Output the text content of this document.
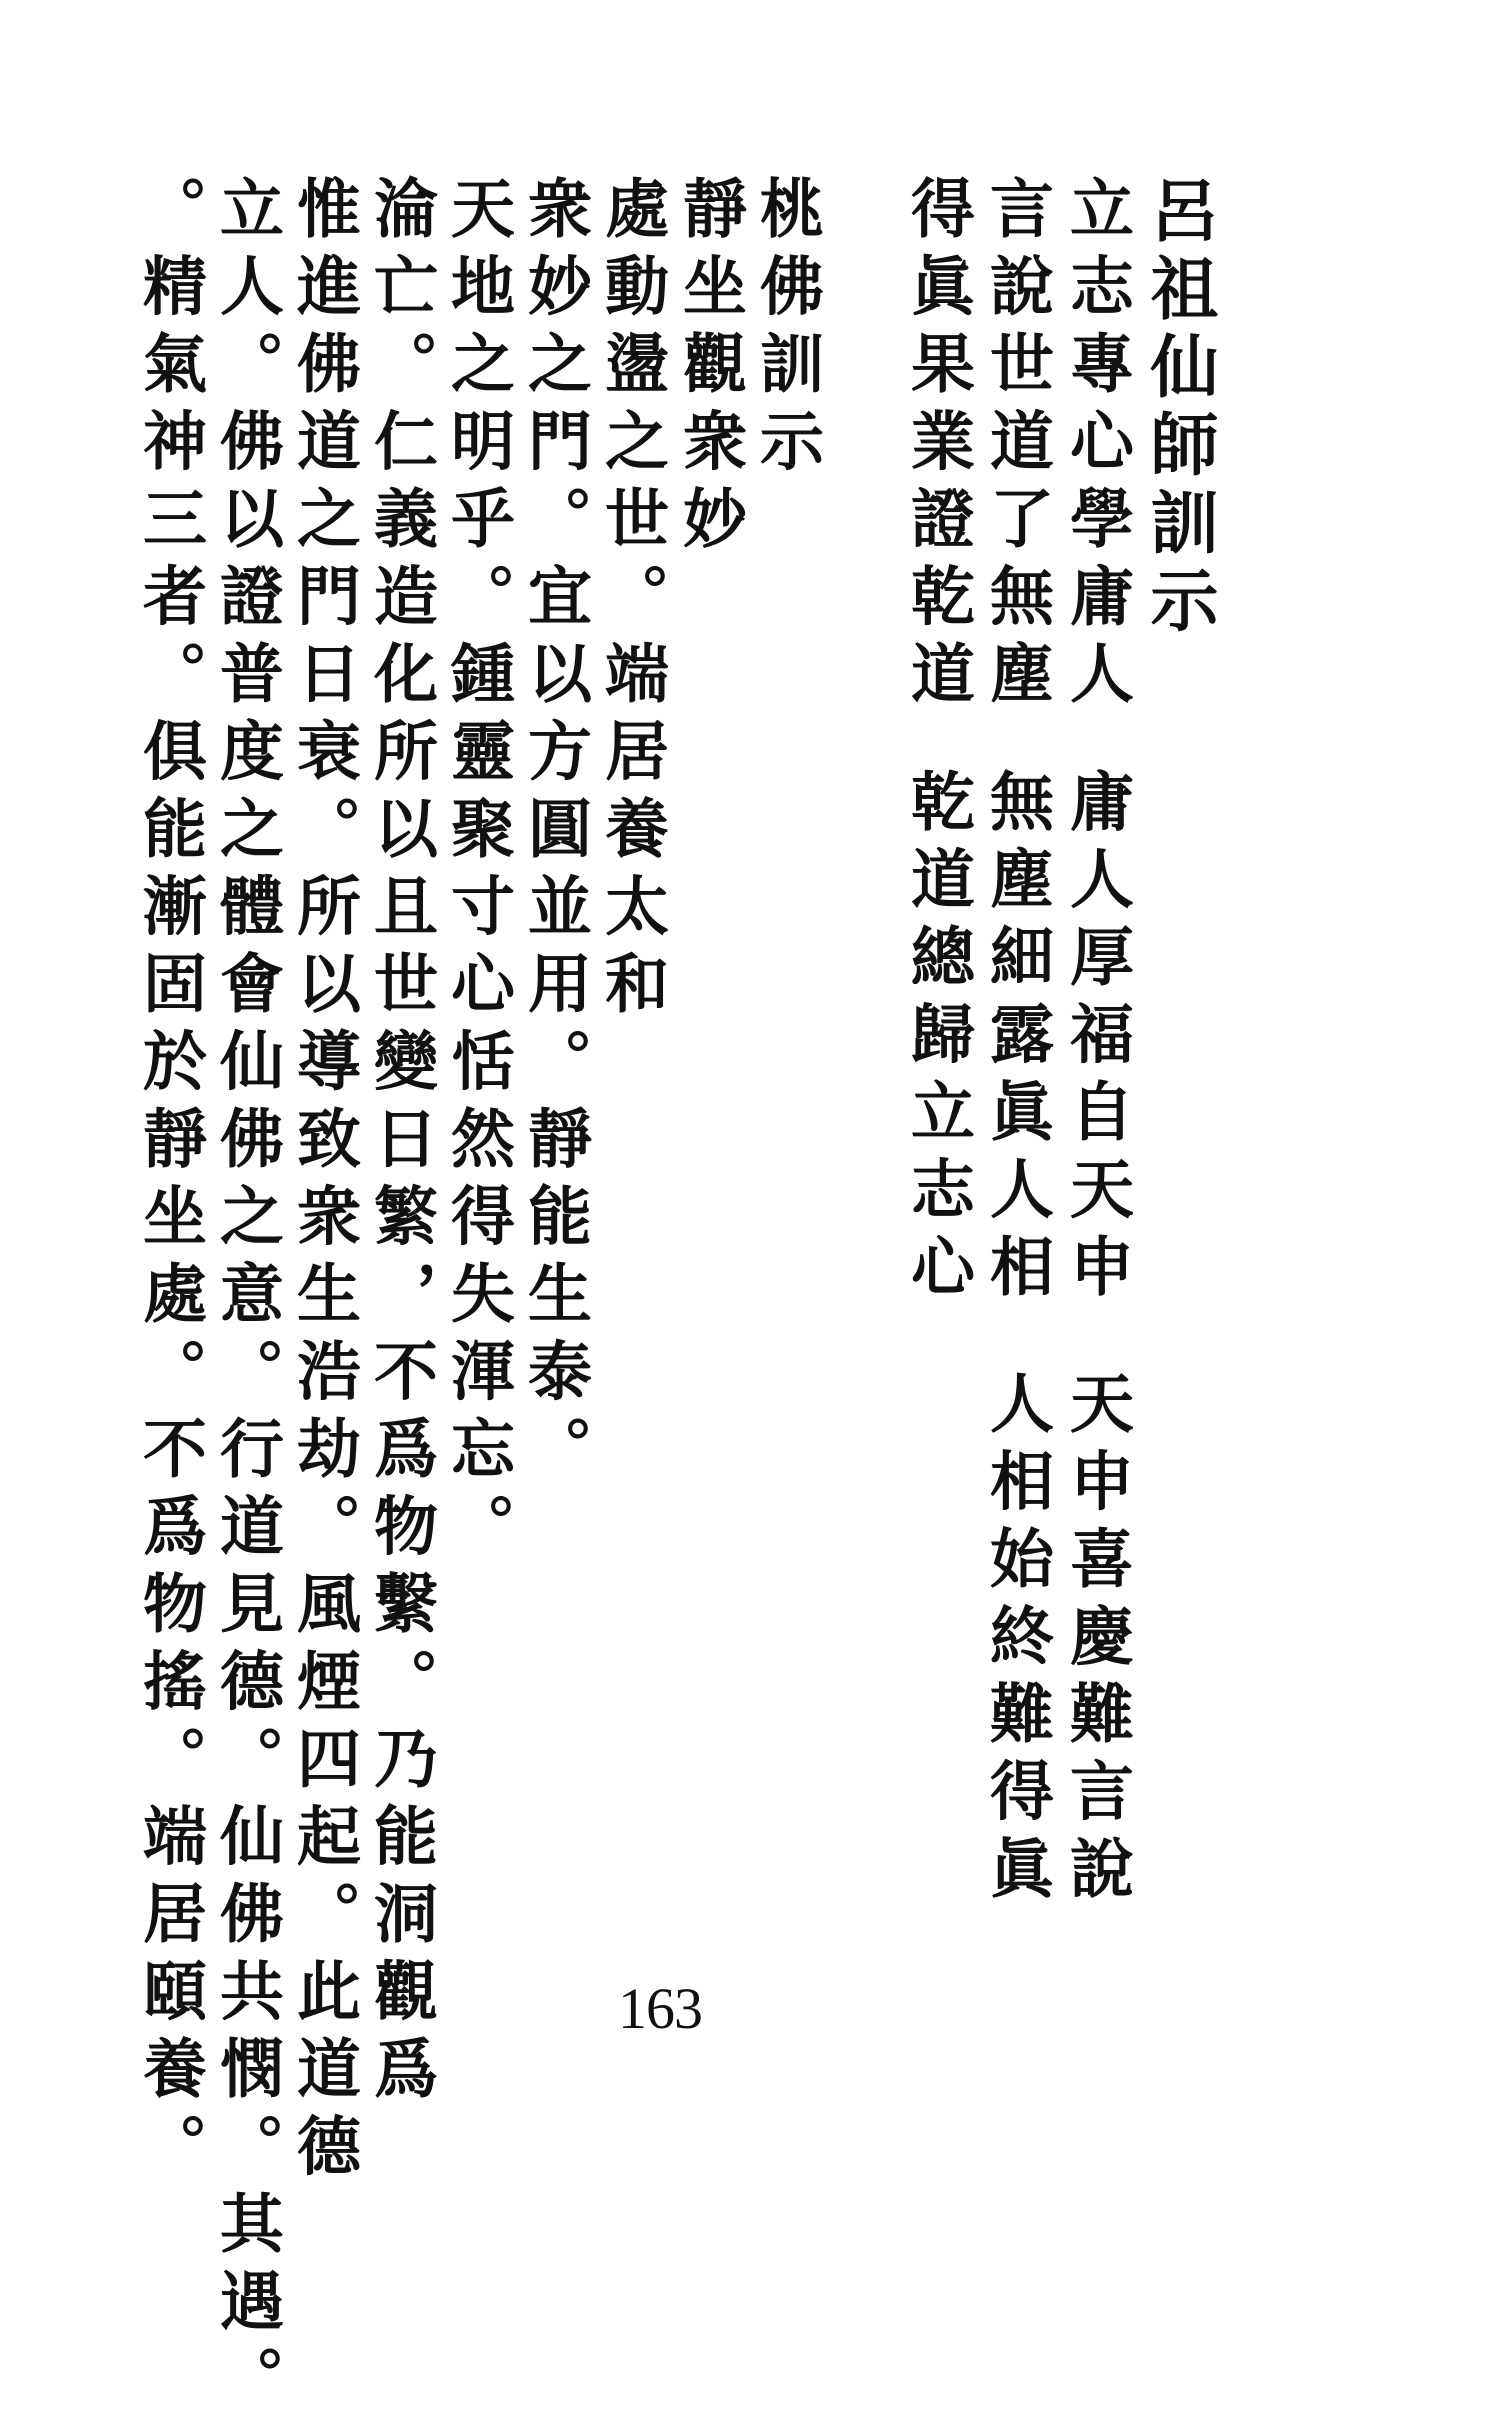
呂祖仙師訓示
立志專心學庸人
言說世道了無塵
得眞果業證乾道
庸人厚福自天申
無塵細露眞人相
乾道總歸立志心
天申喜慶難言說
人相始終難得眞
桃佛訓示
靜坐觀衆妙
處動盪之世。端居養太和
衆妙之門。宜以方圓並用。靜能生泰。
天地之明乎。鍾靈聚寸心恬然得失渾忘。
淪亡。仁義造化所以且世變日繁，不爲物繫。乃能洞觀爲
惟進佛道之門日衰。所以導致衆生浩劫。風煙四起。此道德
立人。佛以證普度之體會仙佛之意。行道見德。仙佛共憫。其遇。
。精氣神三者。俱能漸固於靜坐處。不爲物搖。端居頤養。	163
